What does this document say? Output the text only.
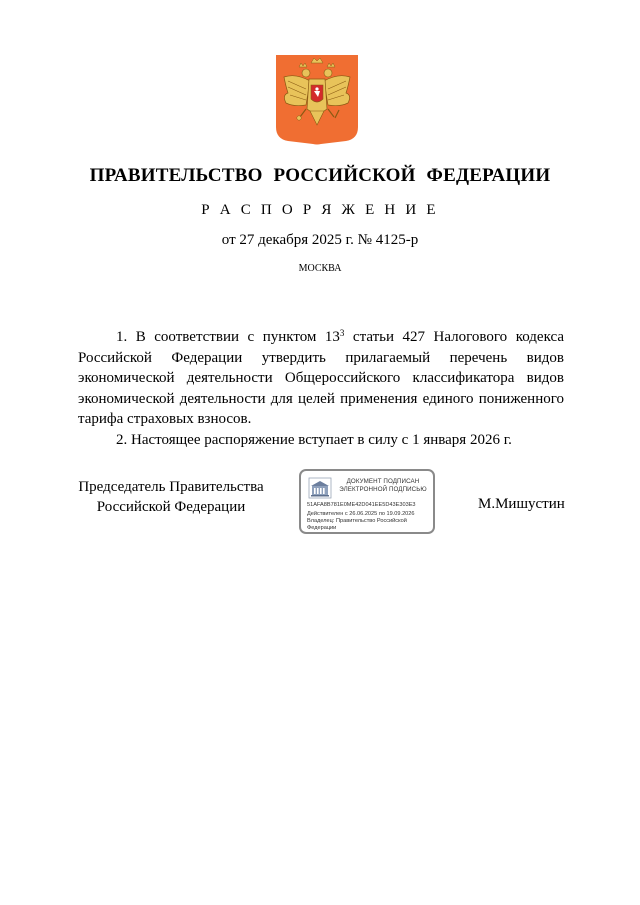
ПРАВИТЕЛЬСТВО РОССИЙСКОЙ ФЕДЕРАЦИИ
Р А С П О Р Я Ж Е Н И Е
от 27 декабря 2025 г. № 4125-р
МОСКВА

1. В соответствии с пунктом $13^3$ статьи 427 Налогового кодекса Российской Федерации утвердить прилагаемый перечень видов экономической деятельности Общероссийского классификатора видов экономической деятельности для целей применения единого пониженного тарифа страховых взносов.

2. Настоящее распоряжение вступает в силу с 1 января 2026 г.

Председатель Правительства
Российской Федерации
ДОКУМЕНТ ПОДПИСАН
ЭЛЕКТРОННОЙ ПОДПИСЬЮ
51AFA8B781E0ME42D041EE5D43E303E3
Действителен с 26.06.2025 по 19.09.2026
Владелец: Правительство Российской Федерации
М.Мишустин
